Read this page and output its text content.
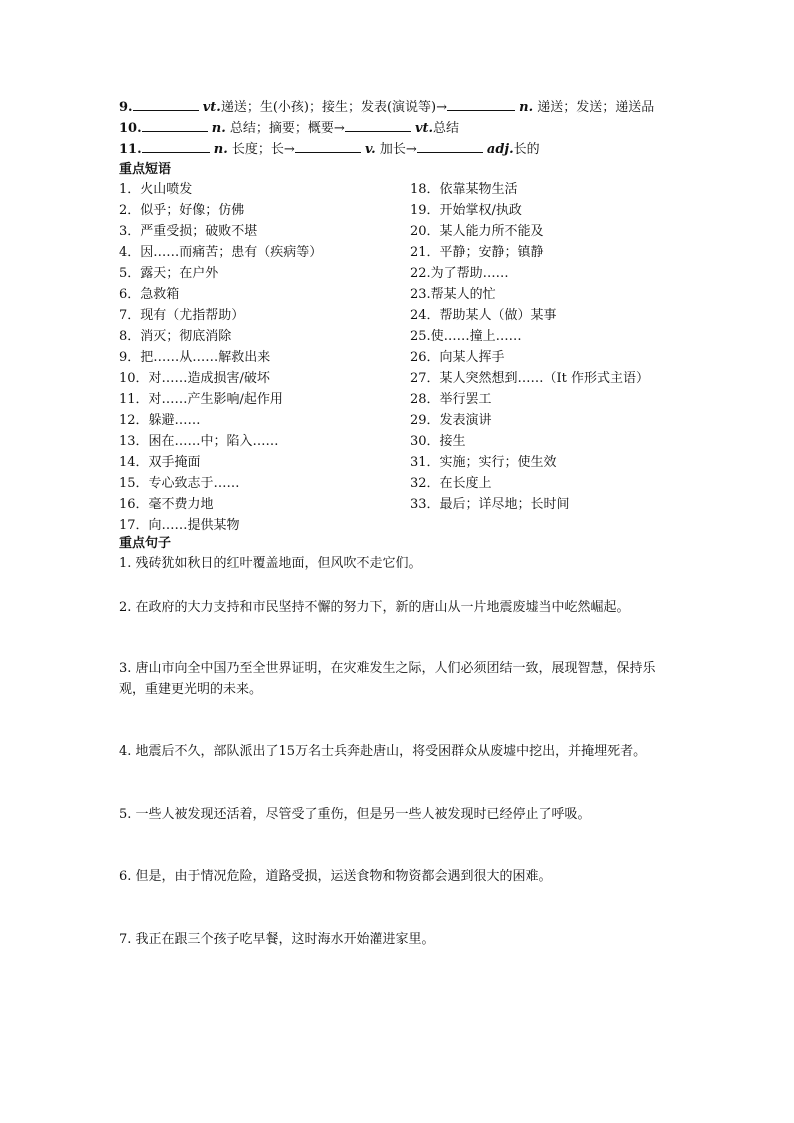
9.	vt.递送；生(小孩)；接生；发表(演说等)→	n. 递送；发送；递送品
10.	n. 总结；摘要；概要→	vt.总结
11.	n. 长度；长→	v. 加长→	adj.长的
重点短语
1．火山喷发
2．似乎；好像；仿佛
3．严重受损；破败不堪
4．因……而痛苦；患有（疾病等）
5．露天；在户外
6．急救箱
7．现有（尤指帮助）
8．消灭；彻底消除
9．把……从……解救出来
10．对……造成损害/破坏
11．对……产生影响/起作用
12．躲避……
13．困在……中；陷入……
14．双手掩面
15．专心致志于……
16．毫不费力地
17．向……提供某物
18．依靠某物生活
19．开始掌权/执政
20．某人能力所不能及
21．平静；安静；镇静
22.为了帮助……
23.帮某人的忙
24．帮助某人（做）某事
25.使……撞上……
26．向某人挥手
27．某人突然想到……（It 作形式主语）
28．举行罢工
29．发表演讲
30．接生
31．实施；实行；使生效
32．在长度上
33．最后；详尽地；长时间
重点句子
1. 残砖犹如秋日的红叶覆盖地面，但风吹不走它们。
2. 在政府的大力支持和市民坚持不懈的努力下，新的唐山从一片地震废墟当中屹然崛起。
3. 唐山市向全中国乃至全世界证明，在灾难发生之际，人们必须团结一致，展现智慧，保持乐观，重建更光明的未来。
4. 地震后不久，部队派出了15万名士兵奔赴唐山，将受困群众从废墟中挖出，并掩埋死者。
5. 一些人被发现还活着，尽管受了重伤，但是另一些人被发现时已经停止了呼吸。
6. 但是，由于情况危险，道路受损，运送食物和物资都会遇到很大的困难。
7. 我正在跟三个孩子吃早餐，这时海水开始灌进家里。
